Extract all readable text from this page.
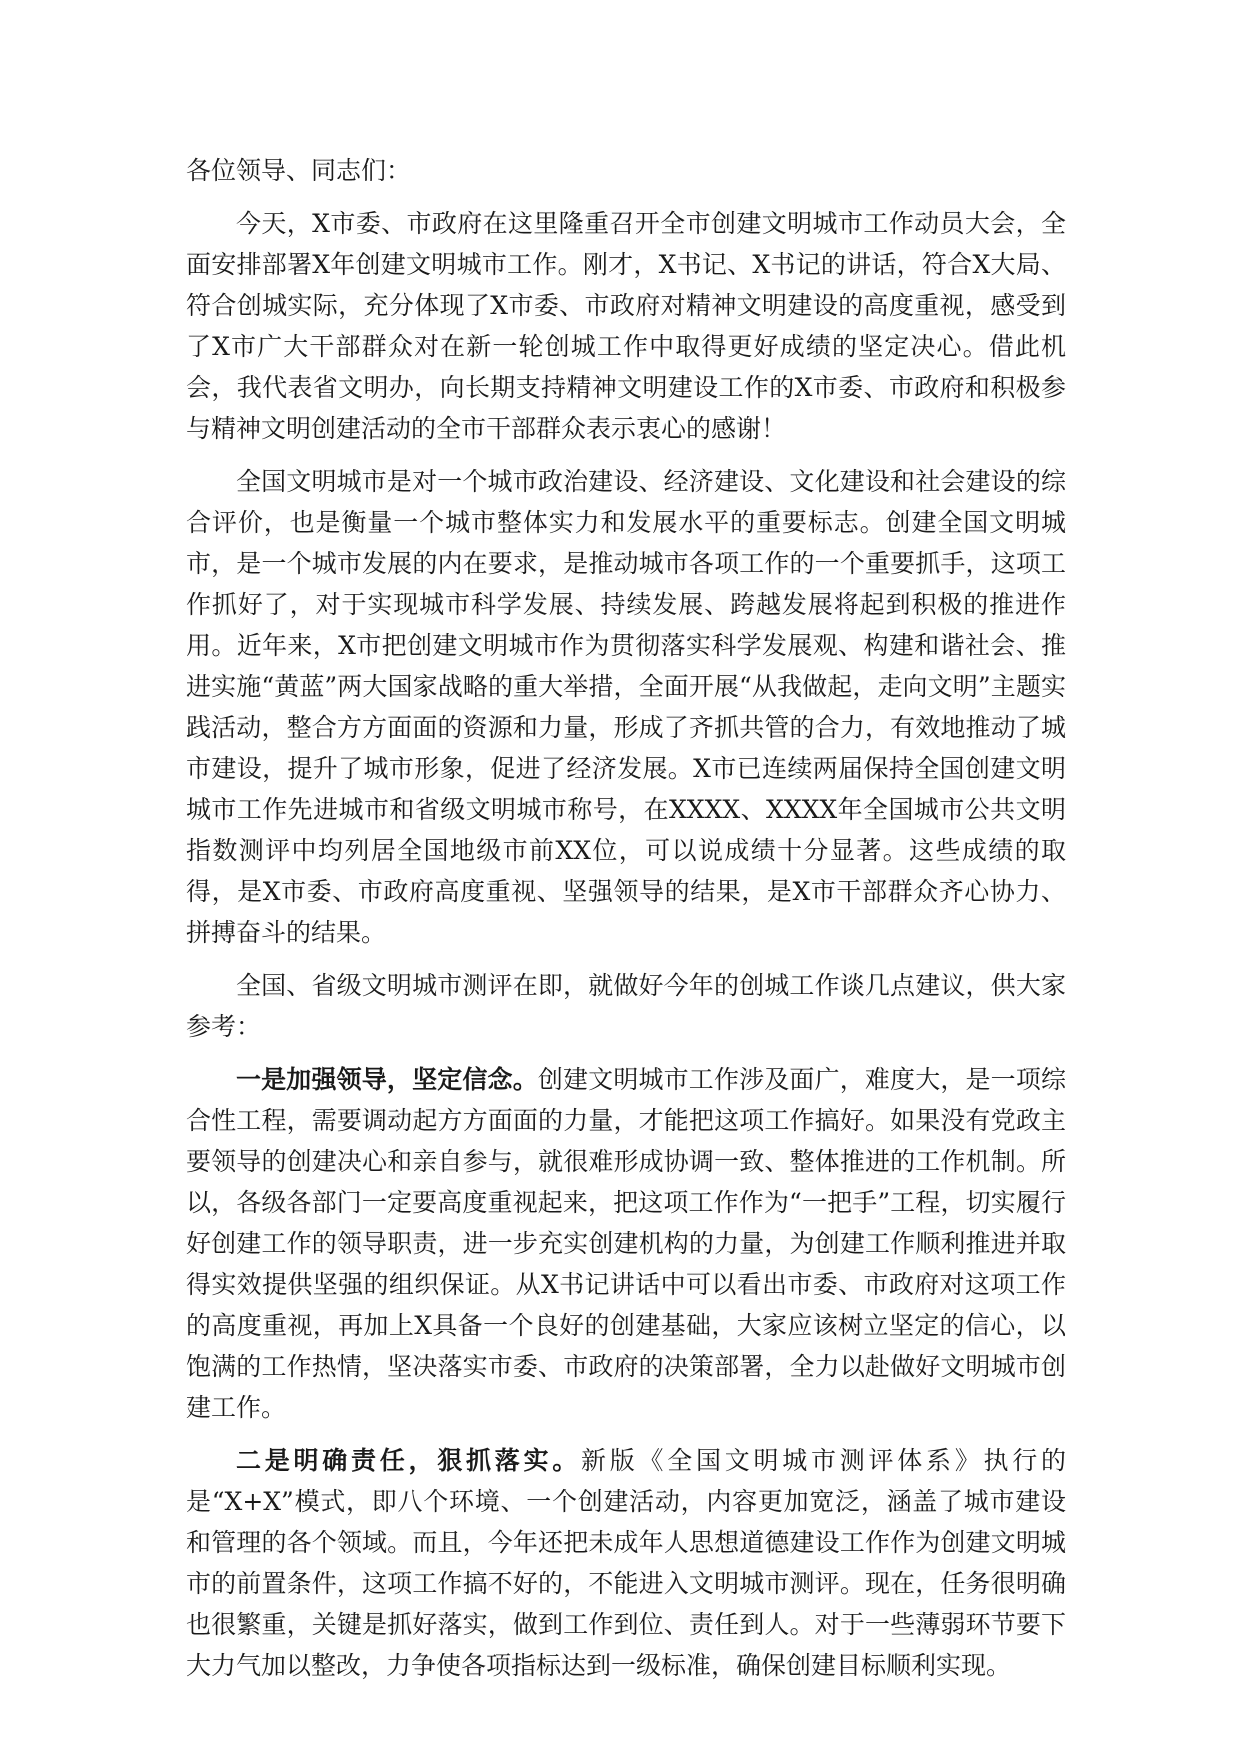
各位领导、同志们：

今天，X市委、市政府在这里隆重召开全市创建文明城市工作动员大会，全面安排部署X年创建文明城市工作。刚才，X书记、X书记的讲话，符合X大局、符合创城实际，充分体现了X市委、市政府对精神文明建设的高度重视，感受到了X市广大干部群众对在新一轮创城工作中取得更好成绩的坚定决心。借此机会，我代表省文明办，向长期支持精神文明建设工作的X市委、市政府和积极参与精神文明创建活动的全市干部群众表示衷心的感谢！

全国文明城市是对一个城市政治建设、经济建设、文化建设和社会建设的综合评价，也是衡量一个城市整体实力和发展水平的重要标志。创建全国文明城市，是一个城市发展的内在要求，是推动城市各项工作的一个重要抓手，这项工作抓好了，对于实现城市科学发展、持续发展、跨越发展将起到积极的推进作用。近年来，X市把创建文明城市作为贯彻落实科学发展观、构建和谐社会、推进实施“黄蓝”两大国家战略的重大举措，全面开展“从我做起，走向文明”主题实践活动，整合方方面面的资源和力量，形成了齐抓共管的合力，有效地推动了城市建设，提升了城市形象，促进了经济发展。X市已连续两届保持全国创建文明城市工作先进城市和省级文明城市称号，在XXXX、XXXX年全国城市公共文明指数测评中均列居全国地级市前XX位，可以说成绩十分显著。这些成绩的取得，是X市委、市政府高度重视、坚强领导的结果，是X市干部群众齐心协力、拼搏奋斗的结果。

全国、省级文明城市测评在即，就做好今年的创城工作谈几点建议，供大家参考：

一是加强领导，坚定信念。创建文明城市工作涉及面广，难度大，是一项综合性工程，需要调动起方方面面的力量，才能把这项工作搞好。如果没有党政主要领导的创建决心和亲自参与，就很难形成协调一致、整体推进的工作机制。所以，各级各部门一定要高度重视起来，把这项工作作为“一把手”工程，切实履行好创建工作的领导职责，进一步充实创建机构的力量，为创建工作顺利推进并取得实效提供坚强的组织保证。从X书记讲话中可以看出市委、市政府对这项工作的高度重视，再加上X具备一个良好的创建基础，大家应该树立坚定的信心，以饱满的工作热情，坚决落实市委、市政府的决策部署，全力以赴做好文明城市创建工作。

二是明确责任，狠抓落实。新版《全国文明城市测评体系》执行的是“X+X”模式，即八个环境、一个创建活动，内容更加宽泛，涵盖了城市建设和管理的各个领域。而且，今年还把未成年人思想道德建设工作作为创建文明城市的前置条件，这项工作搞不好的，不能进入文明城市测评。现在，任务很明确也很繁重，关键是抓好落实，做到工作到位、责任到人。对于一些薄弱环节要下大力气加以整改，力争使各项指标达到一级标准，确保创建目标顺利实现。
